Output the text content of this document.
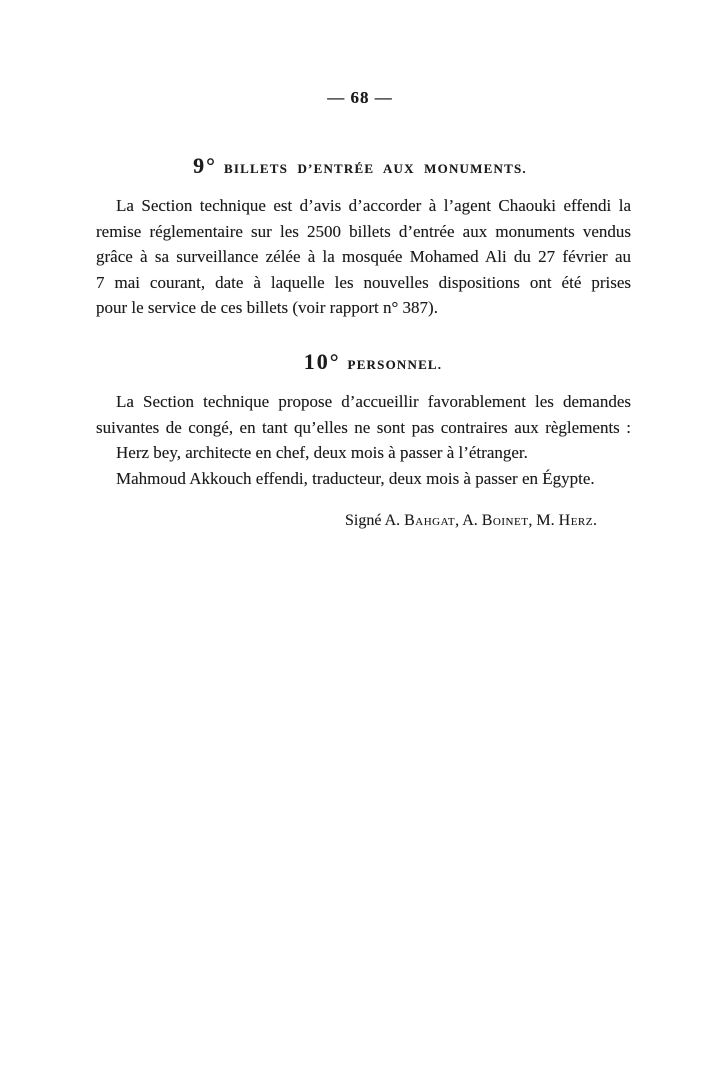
— 68 —
9° BILLETS D’ENTRÉE AUX MONUMENTS.
La Section technique est d’avis d’accorder à l’agent Chaouki effendi la
remise réglementaire sur les 2500 billets d’entrée aux monuments vendus
grâce à sa surveillance zélée à la mosquée Mohamed Ali du 27 février au
7 mai courant, date à laquelle les nouvelles dispositions ont été prises
pour le service de ces billets (voir rapport n° 387).
10° PERSONNEL.
La Section technique propose d’accueillir favorablement les demandes
suivantes de congé, en tant qu’elles ne sont pas contraires aux règlements :
Herz bey, architecte en chef, deux mois à passer à l’étranger.
Mahmoud Akkouch effendi, traducteur, deux mois à passer en Égypte.
Signé A. Bahgat, A. Boinet, M. Herz.
